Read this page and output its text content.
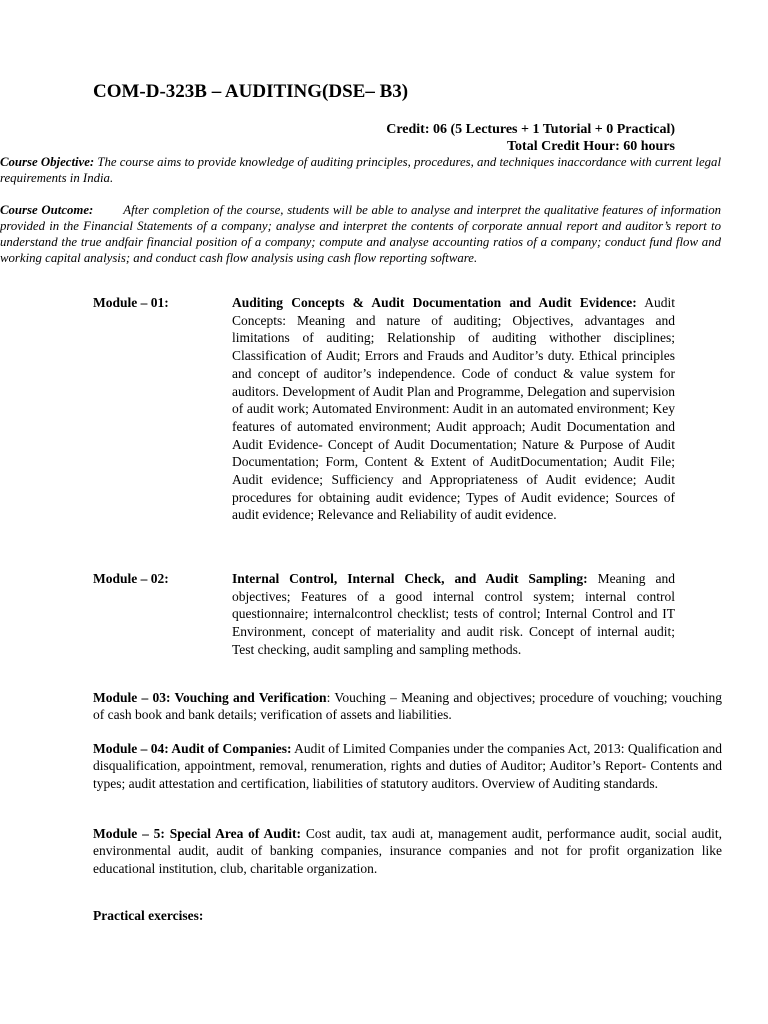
COM-D-323B – AUDITING(DSE– B3)
Credit: 06 (5 Lectures + 1 Tutorial + 0 Practical)
Total Credit Hour: 60 hours

Course Objective: The course aims to provide knowledge of auditing principles, procedures, and techniques inaccordance with current legal requirements in India.

Course Outcome: After completion of the course, students will be able to analyse and interpret the qualitative features of information provided in the Financial Statements of a company; analyse and interpret the contents of corporate annual report and auditor’s report to understand the true andfair financial position of a company; compute and analyse accounting ratios of a company; conduct fund flow and working capital analysis; and conduct cash flow analysis using cash flow reporting software.

Module – 01:	Auditing Concepts & Audit Documentation and Audit Evidence: Audit Concepts: Meaning and nature of auditing; Objectives, advantages and limitations of auditing; Relationship of auditing withother disciplines; Classification of Audit; Errors and Frauds and Auditor’s duty. Ethical principles and concept of auditor’s independence. Code of conduct & value system for auditors. Development of Audit Plan and Programme, Delegation and supervision of audit work; Automated Environment: Audit in an automated environment; Key features of automated environment; Audit approach; Audit Documentation and Audit Evidence- Concept of Audit Documentation; Nature & Purpose of Audit Documentation; Form, Content & Extent of AuditDocumentation; Audit File; Audit evidence; Sufficiency and Appropriateness of Audit evidence; Audit procedures for obtaining audit evidence; Types of Audit evidence; Sources of audit evidence; Relevance and Reliability of audit evidence.
Module – 02:	Internal Control, Internal Check, and Audit Sampling: Meaning and objectives; Features of a good internal control system; internal control questionnaire; internalcontrol checklist; tests of control; Internal Control and IT Environment, concept of materiality and audit risk. Concept of internal audit; Test checking, audit sampling and sampling methods.

Module – 03: Vouching and Verification: Vouching – Meaning and objectives; procedure of vouching; vouching of cash book and bank details; verification of assets and liabilities.

Module – 04: Audit of Companies: Audit of Limited Companies under the companies Act, 2013: Qualification and disqualification, appointment, removal, renumeration, rights and duties of Auditor; Auditor’s Report- Contents and types; audit attestation and certification, liabilities of statutory auditors. Overview of Auditing standards.

Module – 5: Special Area of Audit: Cost audit, tax audi at, management audit, performance audit, social audit, environmental audit, audit of banking companies, insurance companies and not for profit organization like educational institution, club, charitable organization.

Practical exercises:
